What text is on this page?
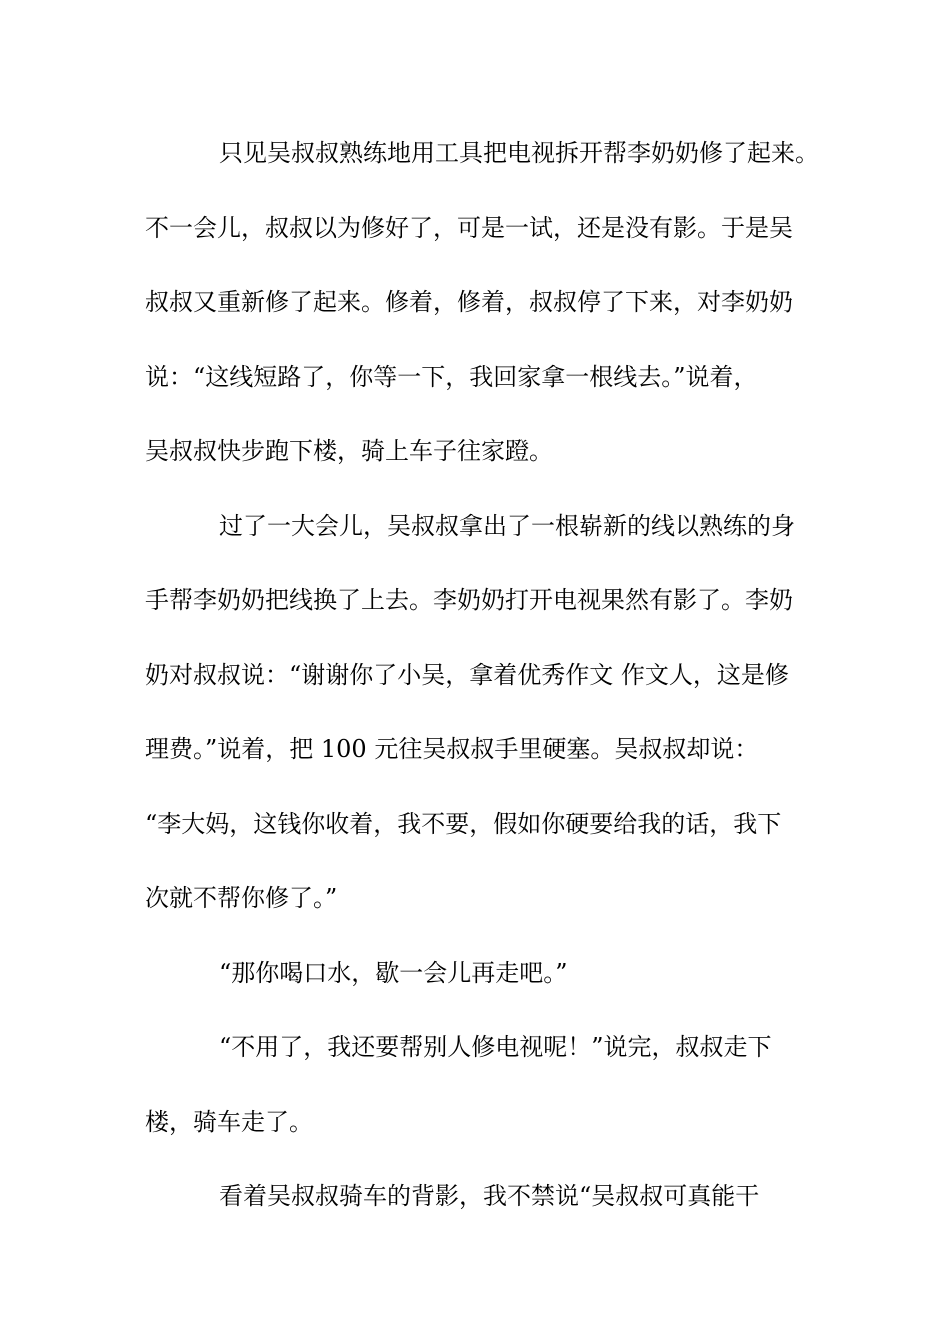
只见吴叔叔熟练地用工具把电视拆开帮李奶奶修了起来。
不一会儿，叔叔以为修好了，可是一试，还是没有影。于是吴
叔叔又重新修了起来。修着，修着，叔叔停了下来，对李奶奶
说：“这线短路了，你等一下，我回家拿一根线去。”说着，
吴叔叔快步跑下楼，骑上车子往家蹬。

过了一大会儿，吴叔叔拿出了一根崭新的线以熟练的身
手帮李奶奶把线换了上去。李奶奶打开电视果然有影了。李奶
奶对叔叔说：“谢谢你了小吴，拿着优秀作文 作文人，这是修
理费。”说着，把 100 元往吴叔叔手里硬塞。吴叔叔却说：
“李大妈，这钱你收着，我不要，假如你硬要给我的话，我下
次就不帮你修了。”

“那你喝口水，歇一会儿再走吧。”

“不用了，我还要帮别人修电视呢！”说完，叔叔走下
楼，骑车走了。

看着吴叔叔骑车的背影，我不禁说“吴叔叔可真能干
